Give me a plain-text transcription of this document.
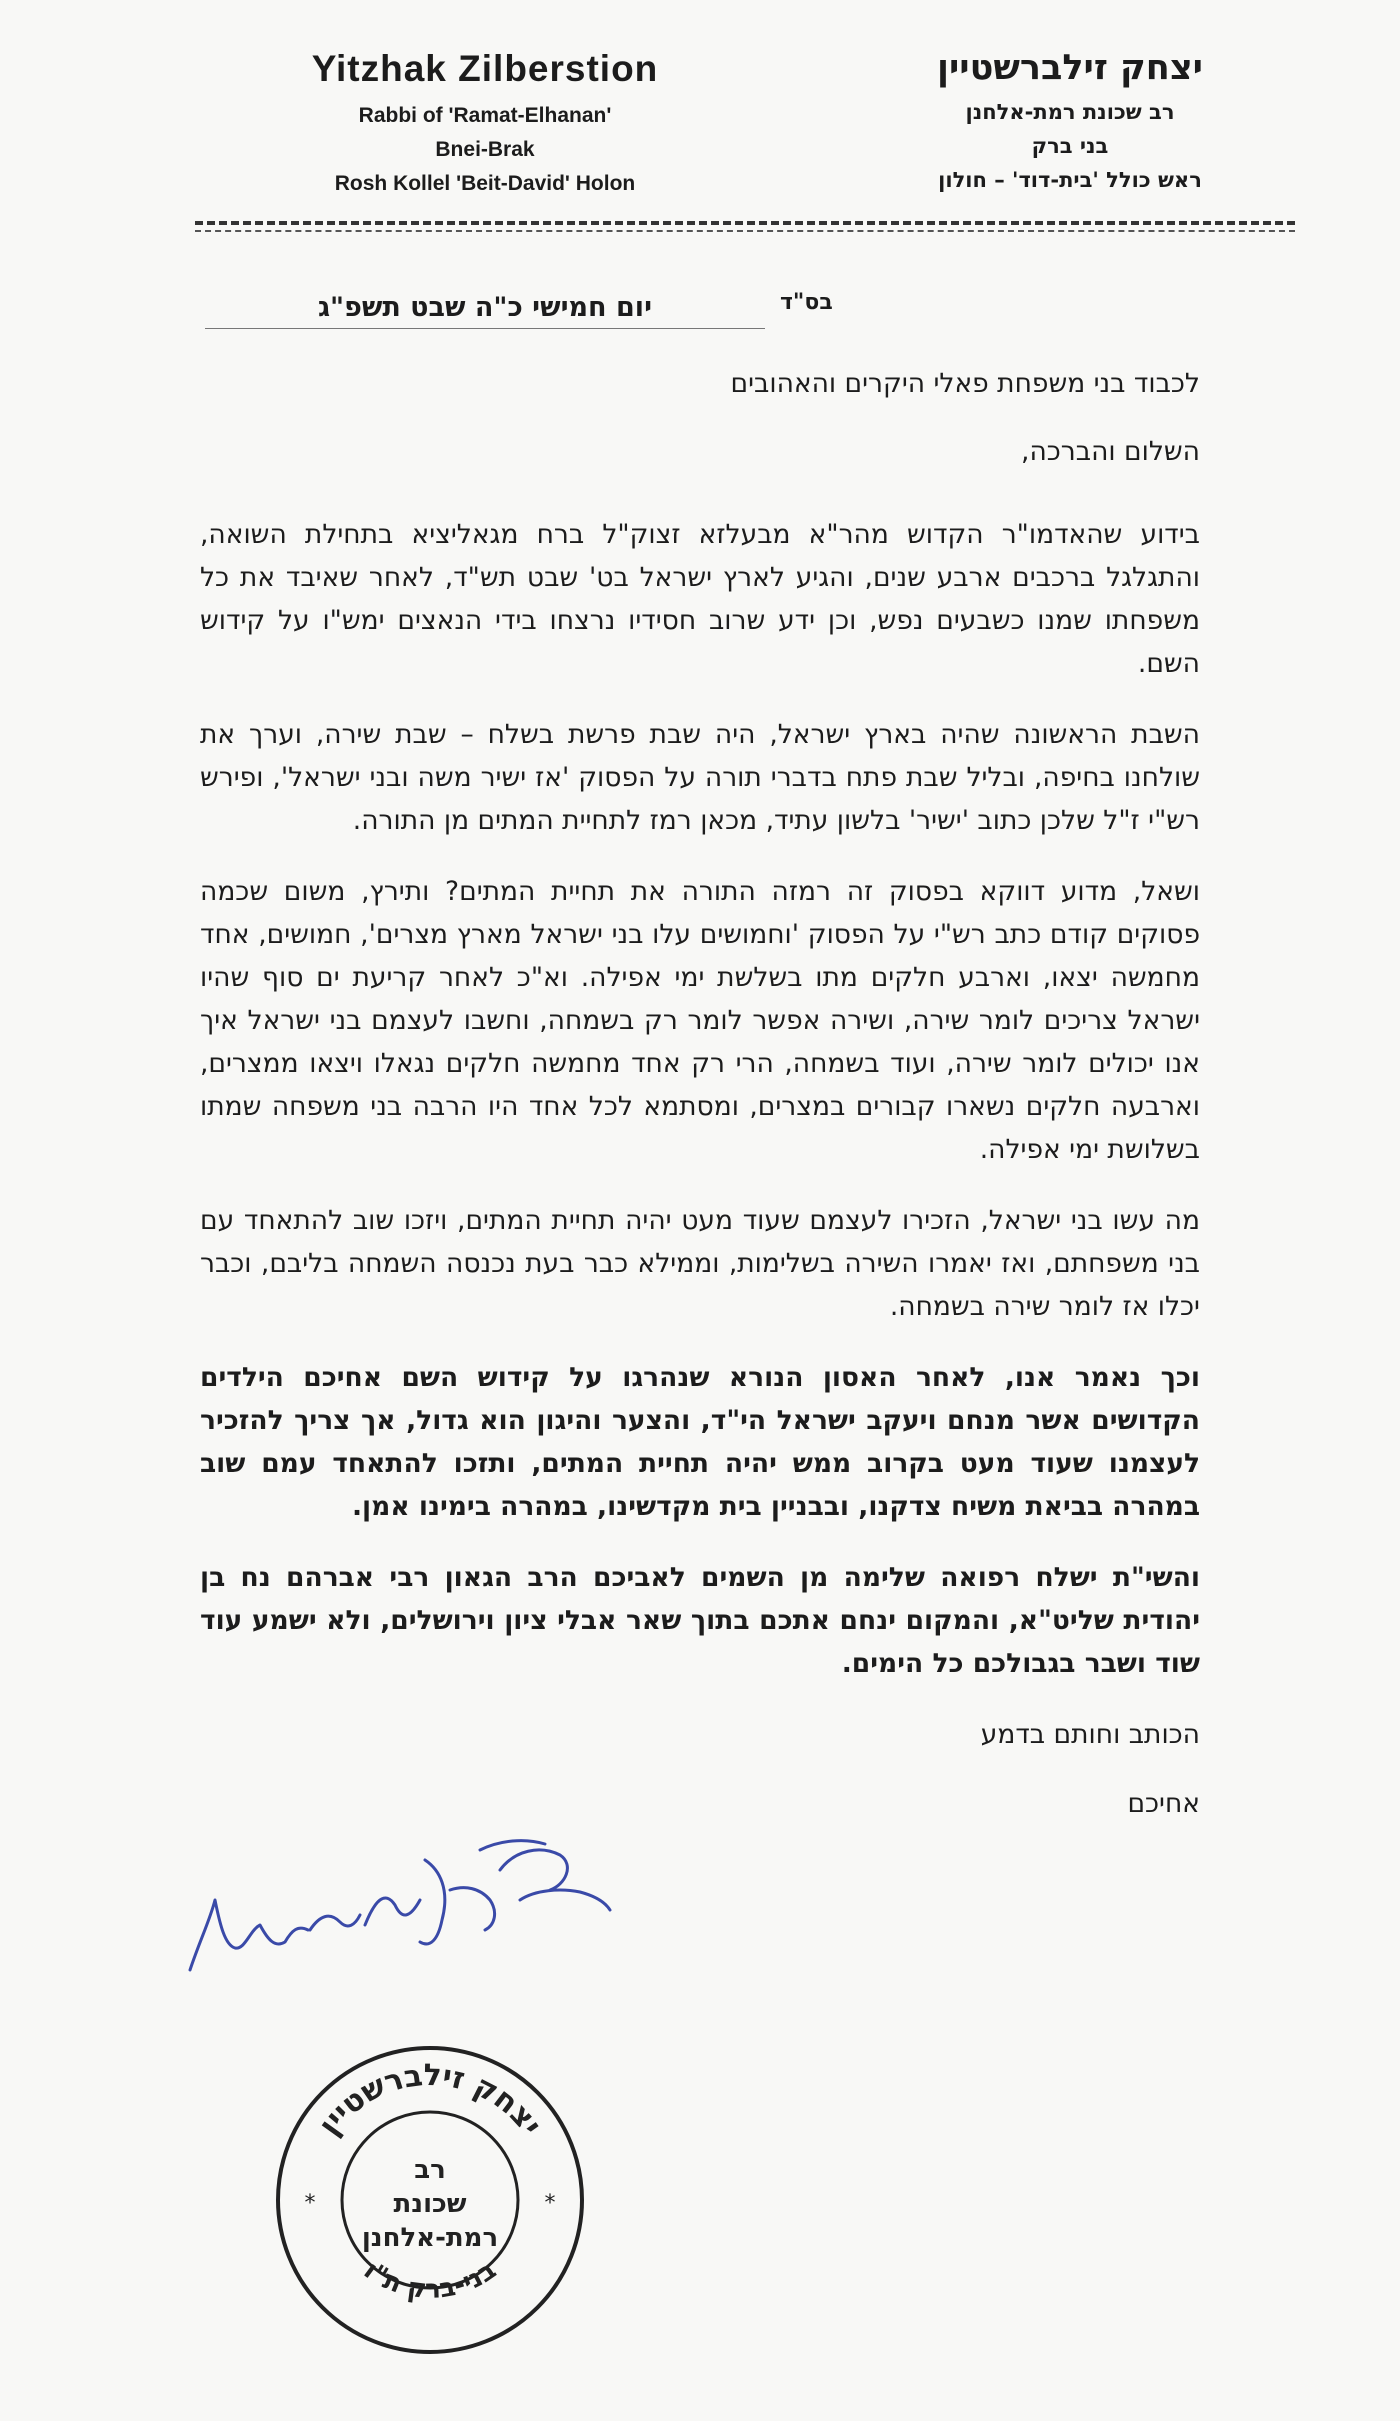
Yitzhak Zilberstion
Rabbi of 'Ramat-Elhanan'
Bnei-Brak
Rosh Kollel 'Beit-David' Holon
יצחק זילברשטיין
רב שכונת רמת-אלחנן
בני ברק
ראש כולל 'בית-דוד' – חולון
בס"ד
יום חמישי כ"ה שבט תשפ"ג
לכבוד בני משפחת פאלי היקרים והאהובים
השלום והברכה,
בידוע שהאדמו"ר הקדוש מהר"א מבעלזא זצוק"ל ברח מגאליציא בתחילת השואה, והתגלגל ברכבים ארבע שנים, והגיע לארץ ישראל בט' שבט תש"ד, לאחר שאיבד את כל משפחתו שמנו כשבעים נפש, וכן ידע שרוב חסידיו נרצחו בידי הנאצים ימש"ו על קידוש השם.
השבת הראשונה שהיה בארץ ישראל, היה שבת פרשת בשלח – שבת שירה, וערך את שולחנו בחיפה, ובליל שבת פתח בדברי תורה על הפסוק 'אז ישיר משה ובני ישראל', ופירש רש"י ז"ל שלכן כתוב 'ישיר' בלשון עתיד, מכאן רמז לתחיית המתים מן התורה.
ושאל, מדוע דווקא בפסוק זה רמזה התורה את תחיית המתים? ותירץ, משום שכמה פסוקים קודם כתב רש"י על הפסוק 'וחמושים עלו בני ישראל מארץ מצרים', חמושים, אחד מחמשה יצאו, וארבע חלקים מתו בשלשת ימי אפילה. וא"כ לאחר קריעת ים סוף שהיו ישראל צריכים לומר שירה, ושירה אפשר לומר רק בשמחה, וחשבו לעצמם בני ישראל איך אנו יכולים לומר שירה, ועוד בשמחה, הרי רק אחד מחמשה חלקים נגאלו ויצאו ממצרים, וארבעה חלקים נשארו קבורים במצרים, ומסתמא לכל אחד היו הרבה בני משפחה שמתו בשלושת ימי אפילה.
מה עשו בני ישראל, הזכירו לעצמם שעוד מעט יהיה תחיית המתים, ויזכו שוב להתאחד עם בני משפחתם, ואז יאמרו השירה בשלימות, וממילא כבר בעת נכנסה השמחה בליבם, וכבר יכלו אז לומר שירה בשמחה.
וכך נאמר אנו, לאחר האסון הנורא שנהרגו על קידוש השם אחיכם הילדים הקדושים אשר מנחם ויעקב ישראל הי"ד, והצער והיגון הוא גדול, אך צריך להזכיר לעצמנו שעוד מעט בקרוב ממש יהיה תחיית המתים, ותזכו להתאחד עמם שוב במהרה בביאת משיח צדקנו, ובבניין בית מקדשינו, במהרה בימינו אמן.
והשי"ת ישלח רפואה שלימה מן השמים לאביכם הרב הגאון רבי אברהם נח בן יהודית שליט"א, והמקום ינחם אתכם בתוך שאר אבלי ציון וירושלים, ולא ישמע עוד שוד ושבר בגבולכם כל הימים.
הכותב וחותם בדמע
אחיכם
יצחק זילברשטיין
בני-ברק ת"ו
רב
שכונת
רמת-אלחנן
*	*
